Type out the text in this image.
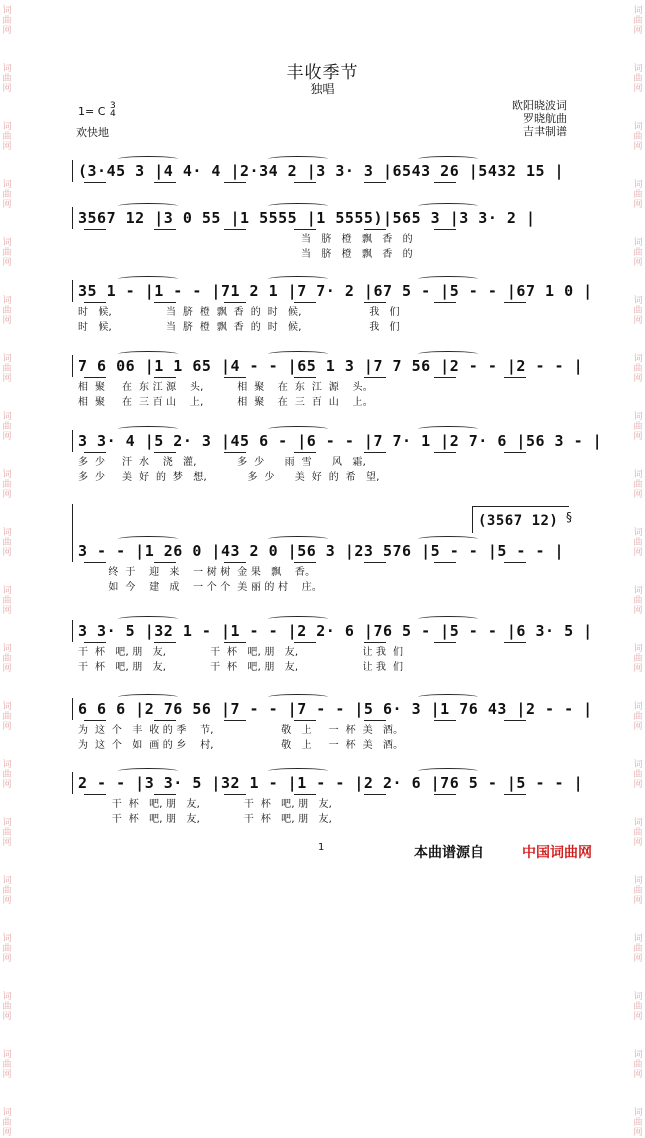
词
曲
网
词
曲
网
词
曲
网
词
曲
网
词
曲
网
词
曲
网
词
曲
网
词
曲
网
词
曲
网
词
曲
网
词
曲
网
词
曲
网
词
曲
网
词
曲
网
词
曲
网
词
曲
网
词
曲
网
词
曲
网
词
曲
网
词
曲
网
词
曲
网
词
曲
网
词
曲
网
词
曲
网
词
曲
网
词
曲
网
词
曲
网
词
曲
网
词
曲
网
词
曲
网
词
曲
网
词
曲
网
词
曲
网
词
曲
网
词
曲
网
词
曲
网
词
曲
网
词
曲
网
词
曲
网
词
曲
网
丰收季节
独唱
1= C 3
4
欢快地
欧阳晓波词
罗晓航曲
吉聿制谱
(3·45 3 |4 4· 4 |2·34 2 |3 3· 3 |6543 26 |5432 15 |
3567 12 |3 0 55 |1 5555 |1 5555)|565 3 |3 3· 2 |
当   脐   橙   飘   香   的
当   脐   橙   飘   香   的
35 1 - |1 - - |71 2 1 |7 7· 2 |67 5 - |5 - - |67 1 0 |
时   候,                当  脐  橙  飘  香  的  时   候,                    我   们
时   候,                当  脐  橙  飘  香  的  时   候,                    我   们
7 6 06 |1 1 65 |4 - - |65 1 3 |7 7 56 |2 - - |2 - - |
相  聚     在  东 江 源    头,          相  聚    在  东  江  源    头。
相  聚     在  三 百 山    上,          相  聚    在  三  百  山    上。
3 3· 4 |5 2· 3 |45 6 - |6 - - |7 7· 1 |2 7· 6 |56 3 - |
多  少     汗  水    浇   灌,            多  少      雨  雪      风   霜,
多  少     美  好  的  梦   想,            多  少      美  好  的  希   望,
3 - - |1 26 0 |43 2 0 |56 3 |23 576 |5 - - |5 - - |
终  于    迎   来    一 树 树  金 果   飘    香。
如  今    建   成    一 个 个  美 丽 的 村    庄。
(3567 12) §
3 3· 5 |32 1 - |1 - - |2 2· 6 |76 5 - |5 - - |6 3· 5 |
干  杯   吧, 朋   友,             干  杯   吧, 朋   友,                   让 我  们
干  杯   吧, 朋   友,             干  杯   吧, 朋   友,                   让 我  们
6 6 6 |2 76 56 |7 - - |7 - - |5 6· 3 |1 76 43 |2 - - |
为  这  个   丰  收 的 季    节,                    敬   上     一  杯  美   酒。
为  这  个   如  画 的 乡    村,                    敬   上     一  杯  美   酒。
2 - - |3 3· 5 |32 1 - |1 - - |2 2· 6 |76 5 - |5 - - |
干  杯   吧, 朋   友,             干  杯   吧, 朋   友,
干  杯   吧, 朋   友,             干  杯   吧, 朋   友,
1	本曲谱源自	中国词曲网
